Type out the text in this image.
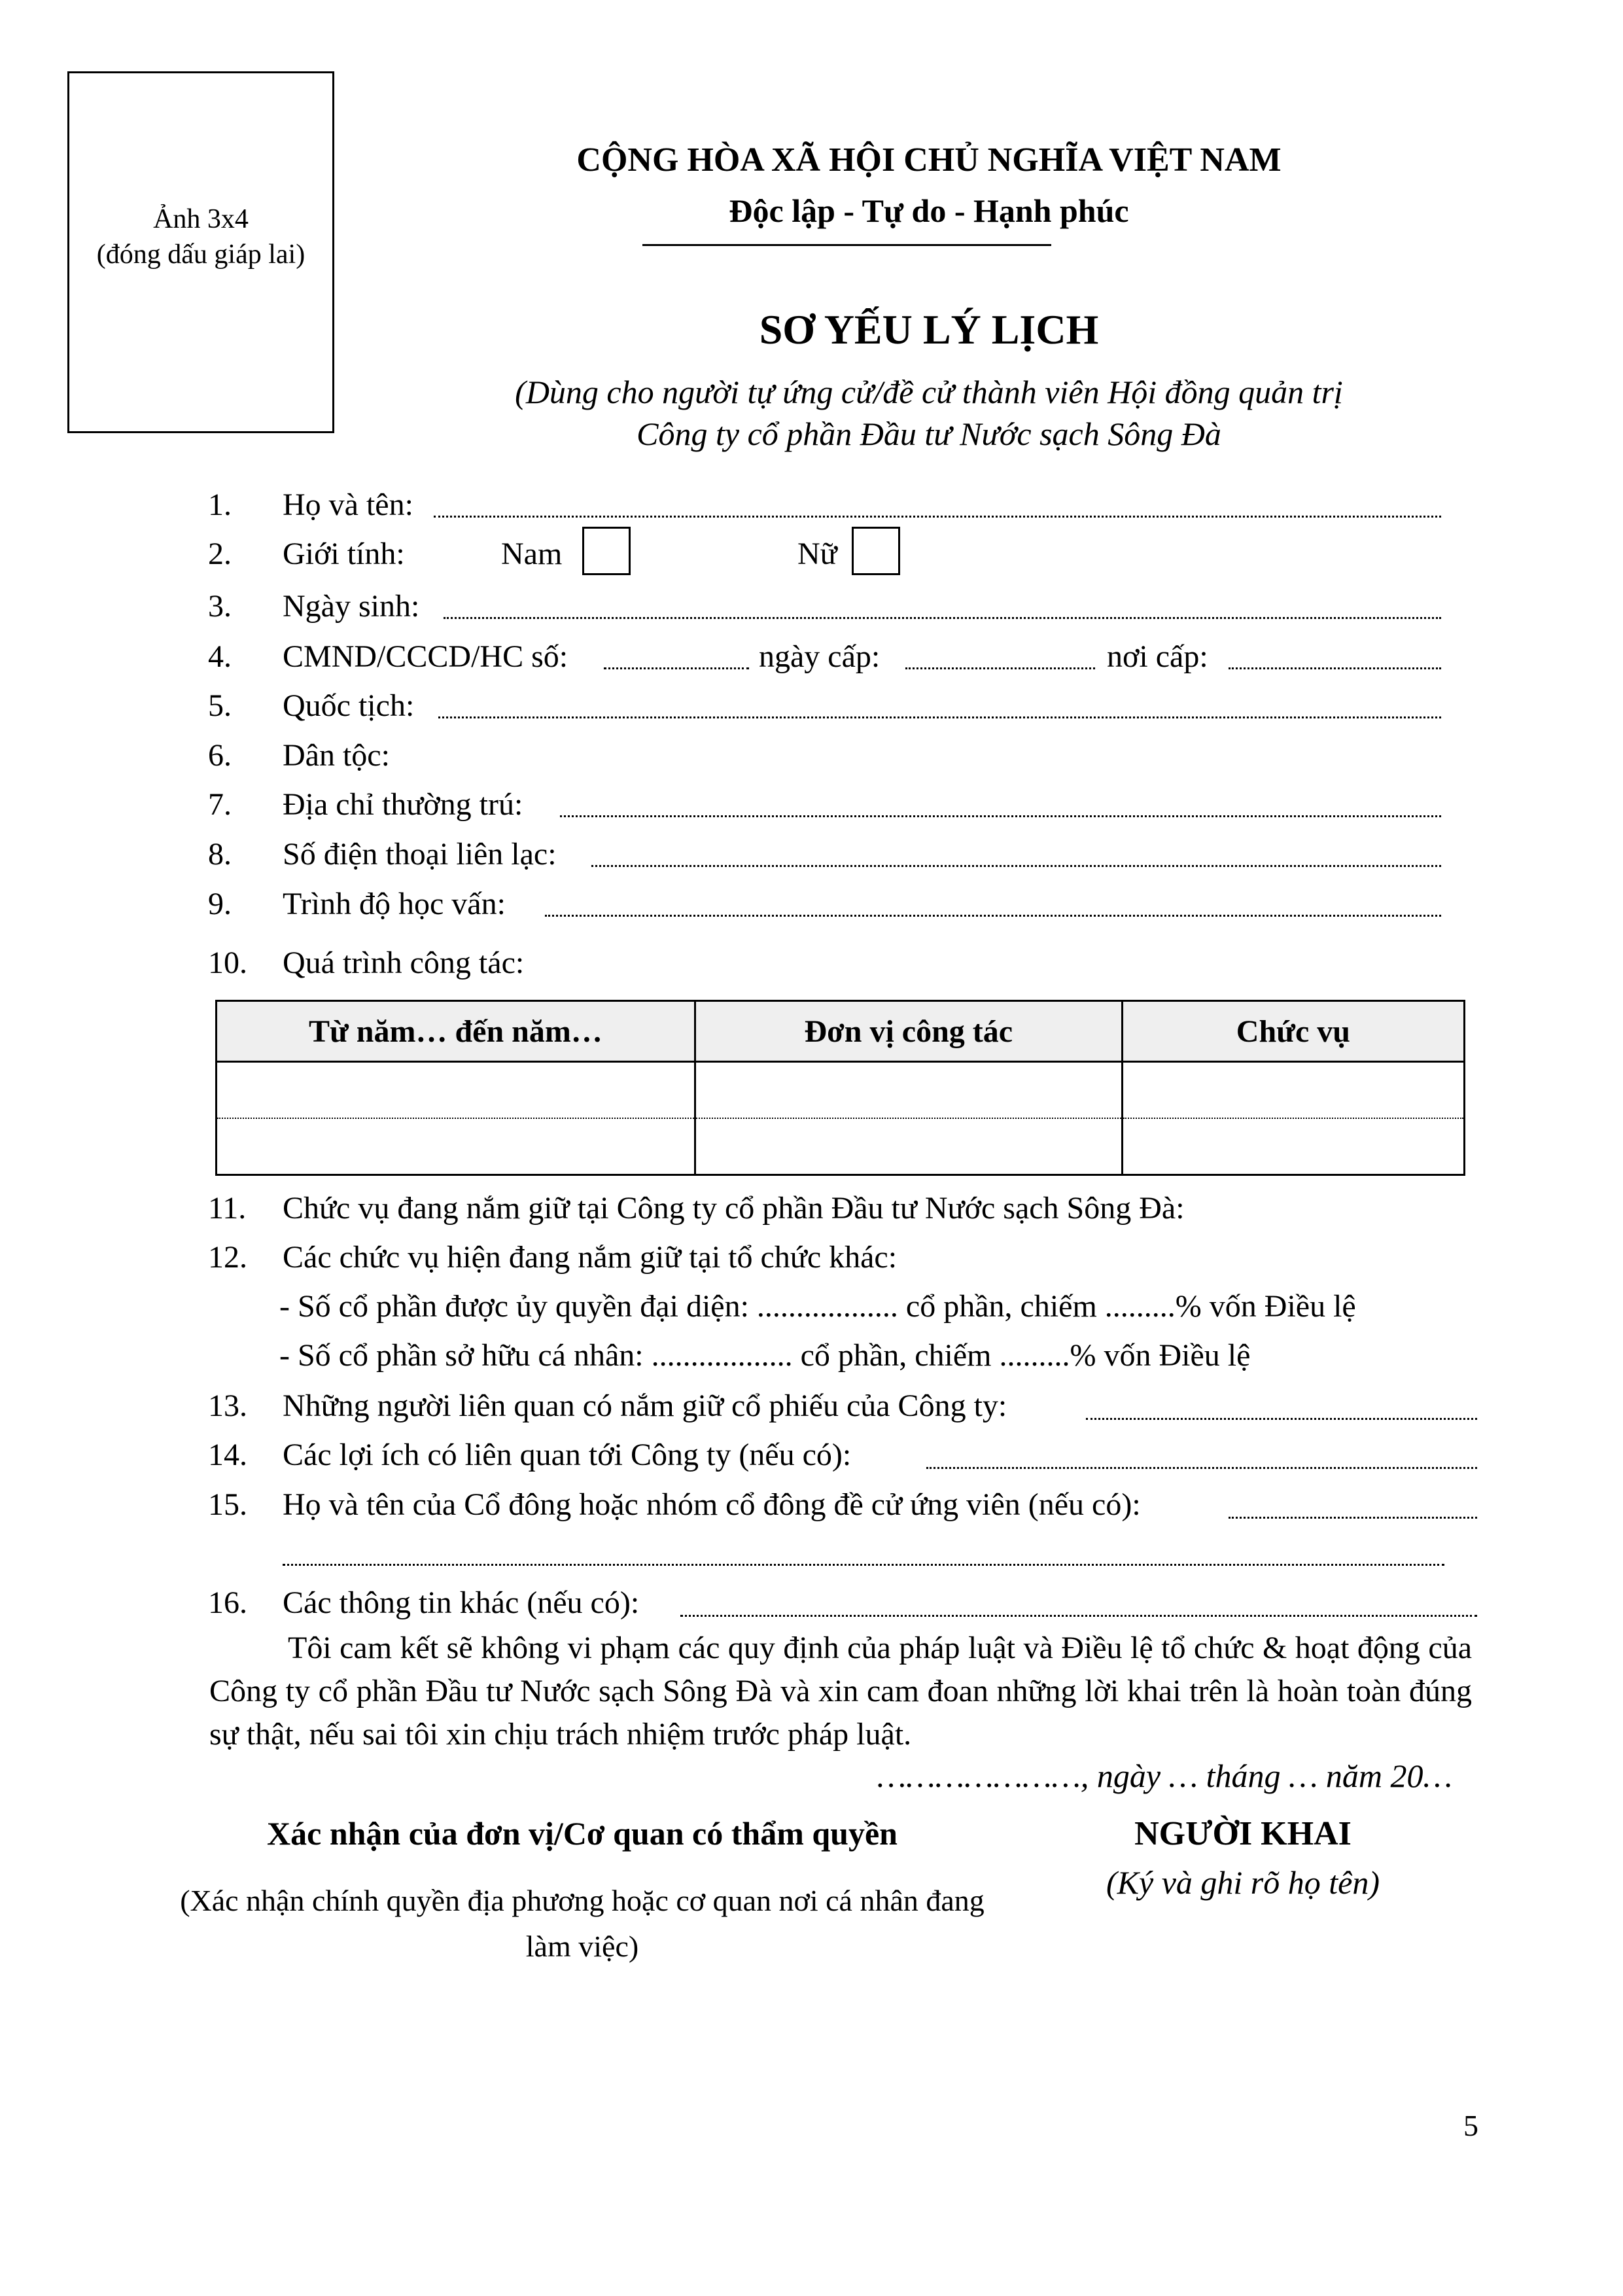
Ảnh 3x4
(đóng dấu giáp lai)
CỘNG HÒA XÃ HỘI CHỦ NGHĨA VIỆT NAM
Độc lập - Tự do - Hạnh phúc
SƠ YẾU LÝ LỊCH
(Dùng cho người tự ứng cử/đề cử thành viên Hội đồng quản trị
Công ty cổ phần Đầu tư Nước sạch Sông Đà
1. Họ và tên:
2. Giới tính:	Nam	Nữ
3. Ngày sinh:
4. CMND/CCCD/HC số:	ngày cấp:	nơi cấp:
5. Quốc tịch:
6. Dân tộc:
7. Địa chỉ thường trú:
8. Số điện thoại liên lạc:
9. Trình độ học vấn:
10. Quá trình công tác:
Từ năm… đến năm…	Đơn vị công tác	Chức vụ

11. Chức vụ đang nắm giữ tại Công ty cổ phần Đầu tư Nước sạch Sông Đà:
12. Các chức vụ hiện đang nắm giữ tại tổ chức khác:
- Số cổ phần được ủy quyền đại diện: .................. cổ phần, chiếm .........% vốn Điều lệ
- Số cổ phần sở hữu cá nhân: .................. cổ phần, chiếm .........% vốn Điều lệ
13. Những người liên quan có nắm giữ cổ phiếu của Công ty:
14. Các lợi ích có liên quan tới Công ty (nếu có):
15. Họ và tên của Cổ đông hoặc nhóm cổ đông đề cử ứng viên (nếu có):
16. Các thông tin khác (nếu có):
Tôi cam kết sẽ không vi phạm các quy định của pháp luật và Điều lệ tổ chức & hoạt động của Công ty cổ phần Đầu tư Nước sạch Sông Đà và xin cam đoan những lời khai trên là hoàn toàn đúng sự thật, nếu sai tôi xin chịu trách nhiệm trước pháp luật.
…………………, ngày … tháng … năm 20…
Xác nhận của đơn vị/Cơ quan có thẩm quyền
(Xác nhận chính quyền địa phương hoặc cơ quan nơi cá nhân đang làm việc)
NGƯỜI KHAI
(Ký và ghi rõ họ tên)
5
